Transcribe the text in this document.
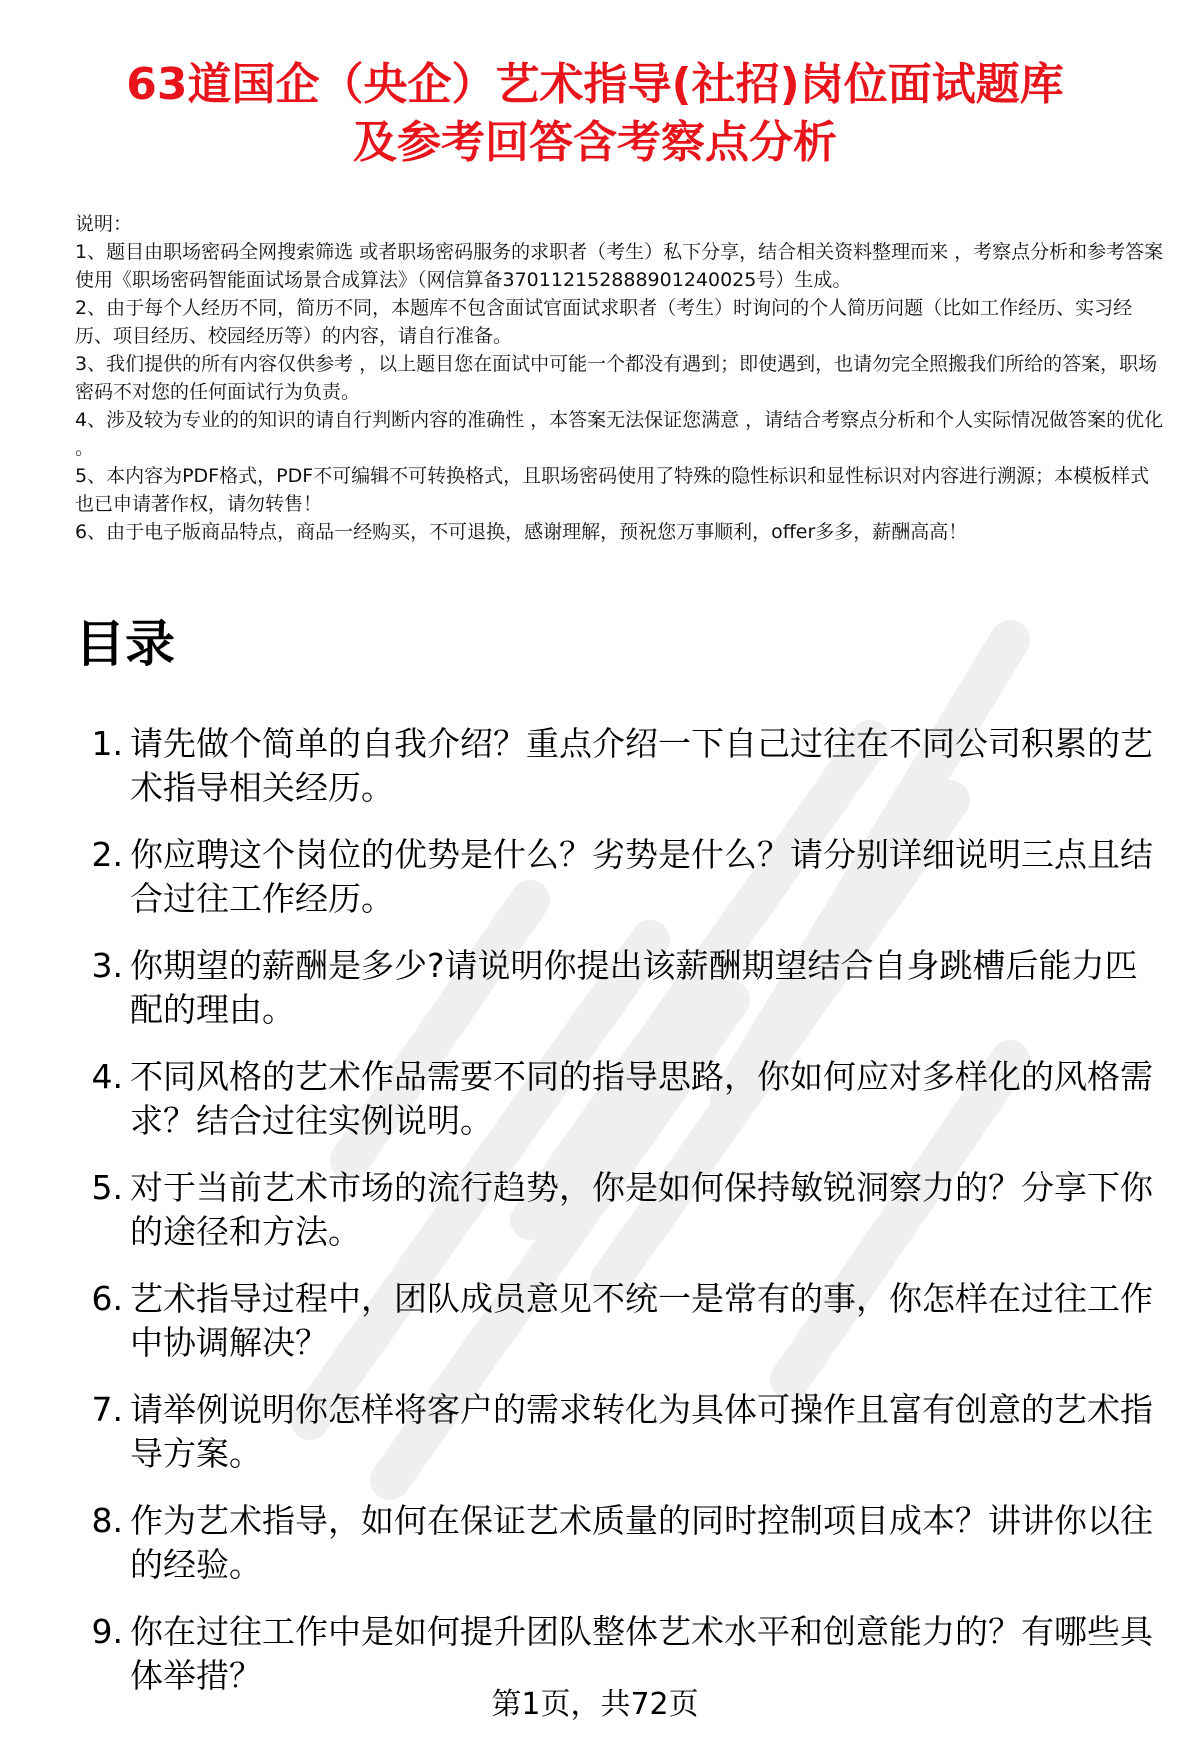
63道国企（央企）艺术指导(社招)岗位面试题库
及参考回答含考察点分析

说明：

1、题目由职场密码全网搜索筛选 或者职场密码服务的求职者（考生）私下分享，结合相关资料整理而来 ，考察点分析和参考答案使用《职场密码智能面试场景合成算法》（网信算备370112152888901240025号）生成。

2、由于每个人经历不同，简历不同，本题库不包含面试官面试求职者（考生）时询问的个人简历问题（比如工作经历、实习经历、项目经历、校园经历等）的内容，请自行准备。

3、我们提供的所有内容仅供参考 ，以上题目您在面试中可能一个都没有遇到；即使遇到，也请勿完全照搬我们所给的答案，职场密码不对您的任何面试行为负责。

4、涉及较为专业的的知识的请自行判断内容的准确性 ，本答案无法保证您满意 ，请结合考察点分析和个人实际情况做答案的优化 。

5、本内容为PDF格式，PDF不可编辑不可转换格式，且职场密码使用了特殊的隐性标识和显性标识对内容进行溯源；本模板样式也已申请著作权，请勿转售！

6、由于电子版商品特点，商品一经购买，不可退换，感谢理解，预祝您万事顺利，offer多多，薪酬高高！

目录
1. 请先做个简单的自我介绍？重点介绍一下自己过往在不同公司积累的艺术指导相关经历。
2. 你应聘这个岗位的优势是什么？劣势是什么？请分别详细说明三点且结合过往工作经历。
3. 你期望的薪酬是多少?请说明你提出该薪酬期望结合自身跳槽后能力匹配的理由。
4. 不同风格的艺术作品需要不同的指导思路，你如何应对多样化的风格需求？结合过往实例说明。
5. 对于当前艺术市场的流行趋势，你是如何保持敏锐洞察力的？分享下你的途径和方法。
6. 艺术指导过程中，团队成员意见不统一是常有的事，你怎样在过往工作中协调解决？
7. 请举例说明你怎样将客户的需求转化为具体可操作且富有创意的艺术指导方案。
8. 作为艺术指导，如何在保证艺术质量的同时控制项目成本？讲讲你以往的经验。
9. 你在过往工作中是如何提升团队整体艺术水平和创意能力的？有哪些具体举措？
第1页，共72页
